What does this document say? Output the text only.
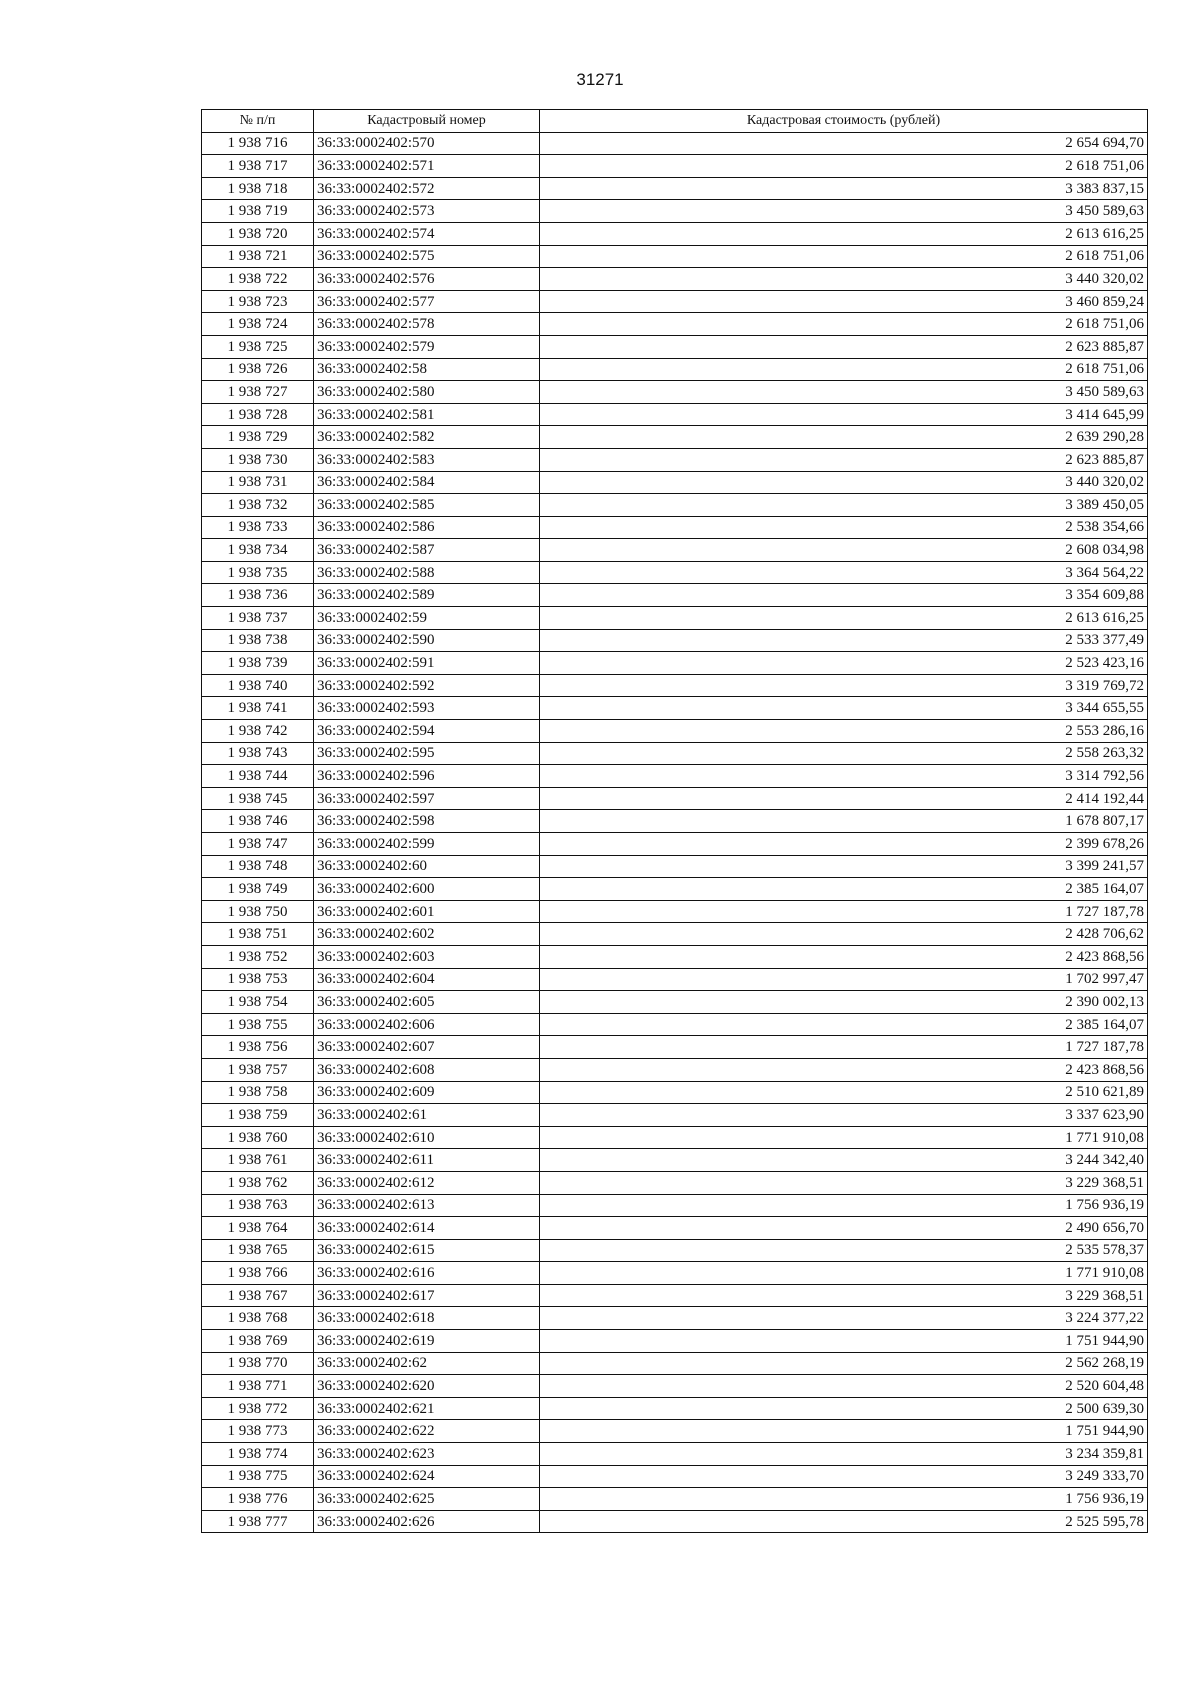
31271
№ п/п	Кадастровый номер	Кадастровая стоимость (рублей)
1 938 716	36:33:0002402:570	2 654 694,70
1 938 717	36:33:0002402:571	2 618 751,06
1 938 718	36:33:0002402:572	3 383 837,15
1 938 719	36:33:0002402:573	3 450 589,63
1 938 720	36:33:0002402:574	2 613 616,25
1 938 721	36:33:0002402:575	2 618 751,06
1 938 722	36:33:0002402:576	3 440 320,02
1 938 723	36:33:0002402:577	3 460 859,24
1 938 724	36:33:0002402:578	2 618 751,06
1 938 725	36:33:0002402:579	2 623 885,87
1 938 726	36:33:0002402:58	2 618 751,06
1 938 727	36:33:0002402:580	3 450 589,63
1 938 728	36:33:0002402:581	3 414 645,99
1 938 729	36:33:0002402:582	2 639 290,28
1 938 730	36:33:0002402:583	2 623 885,87
1 938 731	36:33:0002402:584	3 440 320,02
1 938 732	36:33:0002402:585	3 389 450,05
1 938 733	36:33:0002402:586	2 538 354,66
1 938 734	36:33:0002402:587	2 608 034,98
1 938 735	36:33:0002402:588	3 364 564,22
1 938 736	36:33:0002402:589	3 354 609,88
1 938 737	36:33:0002402:59	2 613 616,25
1 938 738	36:33:0002402:590	2 533 377,49
1 938 739	36:33:0002402:591	2 523 423,16
1 938 740	36:33:0002402:592	3 319 769,72
1 938 741	36:33:0002402:593	3 344 655,55
1 938 742	36:33:0002402:594	2 553 286,16
1 938 743	36:33:0002402:595	2 558 263,32
1 938 744	36:33:0002402:596	3 314 792,56
1 938 745	36:33:0002402:597	2 414 192,44
1 938 746	36:33:0002402:598	1 678 807,17
1 938 747	36:33:0002402:599	2 399 678,26
1 938 748	36:33:0002402:60	3 399 241,57
1 938 749	36:33:0002402:600	2 385 164,07
1 938 750	36:33:0002402:601	1 727 187,78
1 938 751	36:33:0002402:602	2 428 706,62
1 938 752	36:33:0002402:603	2 423 868,56
1 938 753	36:33:0002402:604	1 702 997,47
1 938 754	36:33:0002402:605	2 390 002,13
1 938 755	36:33:0002402:606	2 385 164,07
1 938 756	36:33:0002402:607	1 727 187,78
1 938 757	36:33:0002402:608	2 423 868,56
1 938 758	36:33:0002402:609	2 510 621,89
1 938 759	36:33:0002402:61	3 337 623,90
1 938 760	36:33:0002402:610	1 771 910,08
1 938 761	36:33:0002402:611	3 244 342,40
1 938 762	36:33:0002402:612	3 229 368,51
1 938 763	36:33:0002402:613	1 756 936,19
1 938 764	36:33:0002402:614	2 490 656,70
1 938 765	36:33:0002402:615	2 535 578,37
1 938 766	36:33:0002402:616	1 771 910,08
1 938 767	36:33:0002402:617	3 229 368,51
1 938 768	36:33:0002402:618	3 224 377,22
1 938 769	36:33:0002402:619	1 751 944,90
1 938 770	36:33:0002402:62	2 562 268,19
1 938 771	36:33:0002402:620	2 520 604,48
1 938 772	36:33:0002402:621	2 500 639,30
1 938 773	36:33:0002402:622	1 751 944,90
1 938 774	36:33:0002402:623	3 234 359,81
1 938 775	36:33:0002402:624	3 249 333,70
1 938 776	36:33:0002402:625	1 756 936,19
1 938 777	36:33:0002402:626	2 525 595,78
